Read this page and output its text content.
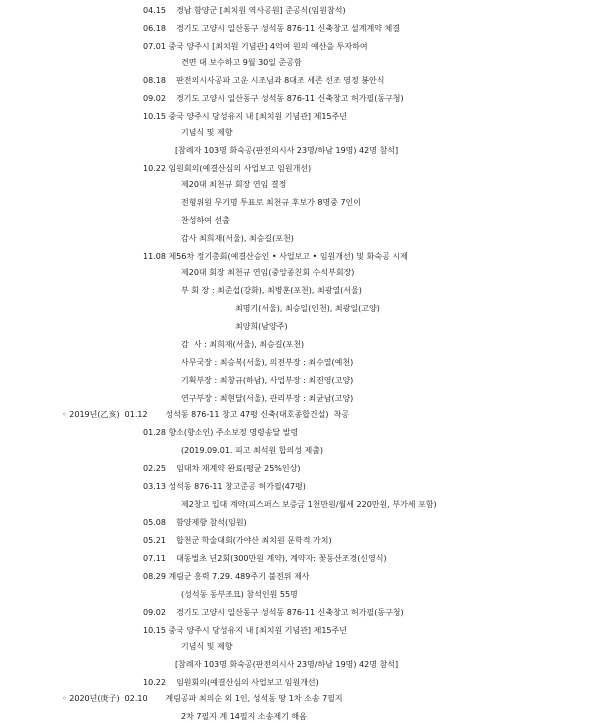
04.15    경남 함양군 [최치원 역사공원] 준공식(임원참석)
06.18    경기도 고양시 일산동구 성석동 876-11 신축창고 설계계약 체결
07.01 중국 양주시 [최치원 기념관] 4억여 원의 예산을 투자하여
견면 대 보수하고 9월 30일 준공함
08.18    판전의시사공파 고운 시조님과 8대조 세존 선조 영정 봉안식
09.02    경기도 고양시 일산동구 성석동 876-11 신축창고 허가필(동구청)
10.15 중국 양주시 당성유지 내 [최치원 기념관] 제15주년
기념식 및 제향
[참례자 103명 화숙공(판전의시사 23명/하남 19명) 42명 참석]
10.22 임원회의(예결산심의 사업보고 임원개선)
제20대 최천규 회장 연임 결정
전형위원 무기명 투표로 최천규 후보가 8명중 7인이
찬성하여 선출
감사 최희재(서울), 최승길(포천)
11.08 제56차 정기총회(예결산승인 • 사업보고 • 임원개선) 및 화숙공 시제
제20대 회장 최천규 연임(중앙종친회 수석부회장)
부 회 장 : 최준섭(강화), 최병훈(포천), 최광열(서울)
최명기(서울), 최승일(인천), 최광일(고양)
최양희(남양주)
감  사 : 최희재(서울), 최승길(포천)
사무국장 : 최승복(서울), 의전부장 : 최수열(예천)
기획부장 : 최창규(하남), 사업부장 : 최진영(고양)
연구부장 : 최현달(서울), 관리부장 : 최균남(고양)
◦ 2019년(乙亥)  01.12       성석동 876-11 창고 47평 신축(대호종합건설)  착공
01.28 향소(향소인) 주소보정 명령송달 발령
(2019.09.01. 피고 최석원 합의성 제출)
02.25    임대차 재계약 완료(평균 25%인상)
03.13 성석동 876-11 창고준공 허가필(47평)
제2창고 입대 계약(피스퍼스 보증금 1천만원/월세 220만원, 부가세 포함)
05.08    함양제향 참석(임원)
05.21    합천군 학술대회(가야산 최치원 문학적 가치)
07.11    대동벌초 년2회(300만원 계약), 계약자: 꽃동산조경(신영식)
08.29 계림군 흥력 7.29. 489주기 불전위 제사
(성석동 동부조묘) 참석인원 55명
09.02    경기도 고양시 일산동구 성석동 876-11 신축창고 허가필(동구청)
10.15 중국 양주시 당성유지 내 [최치원 기념관] 제15주년
기념식 및 제향
[참례자 103명 화숙공(판전의시사 23명/하남 19명) 42명 참석]
10.22    임원회의(예결산심의 사업보고 임원개선)
◦ 2020년(庚子)  02.10       계림공파 최의순 외 1인, 성석동 땅 1차 소송 7필지
2차 7필지 계 14필지 소송제기 해옴
